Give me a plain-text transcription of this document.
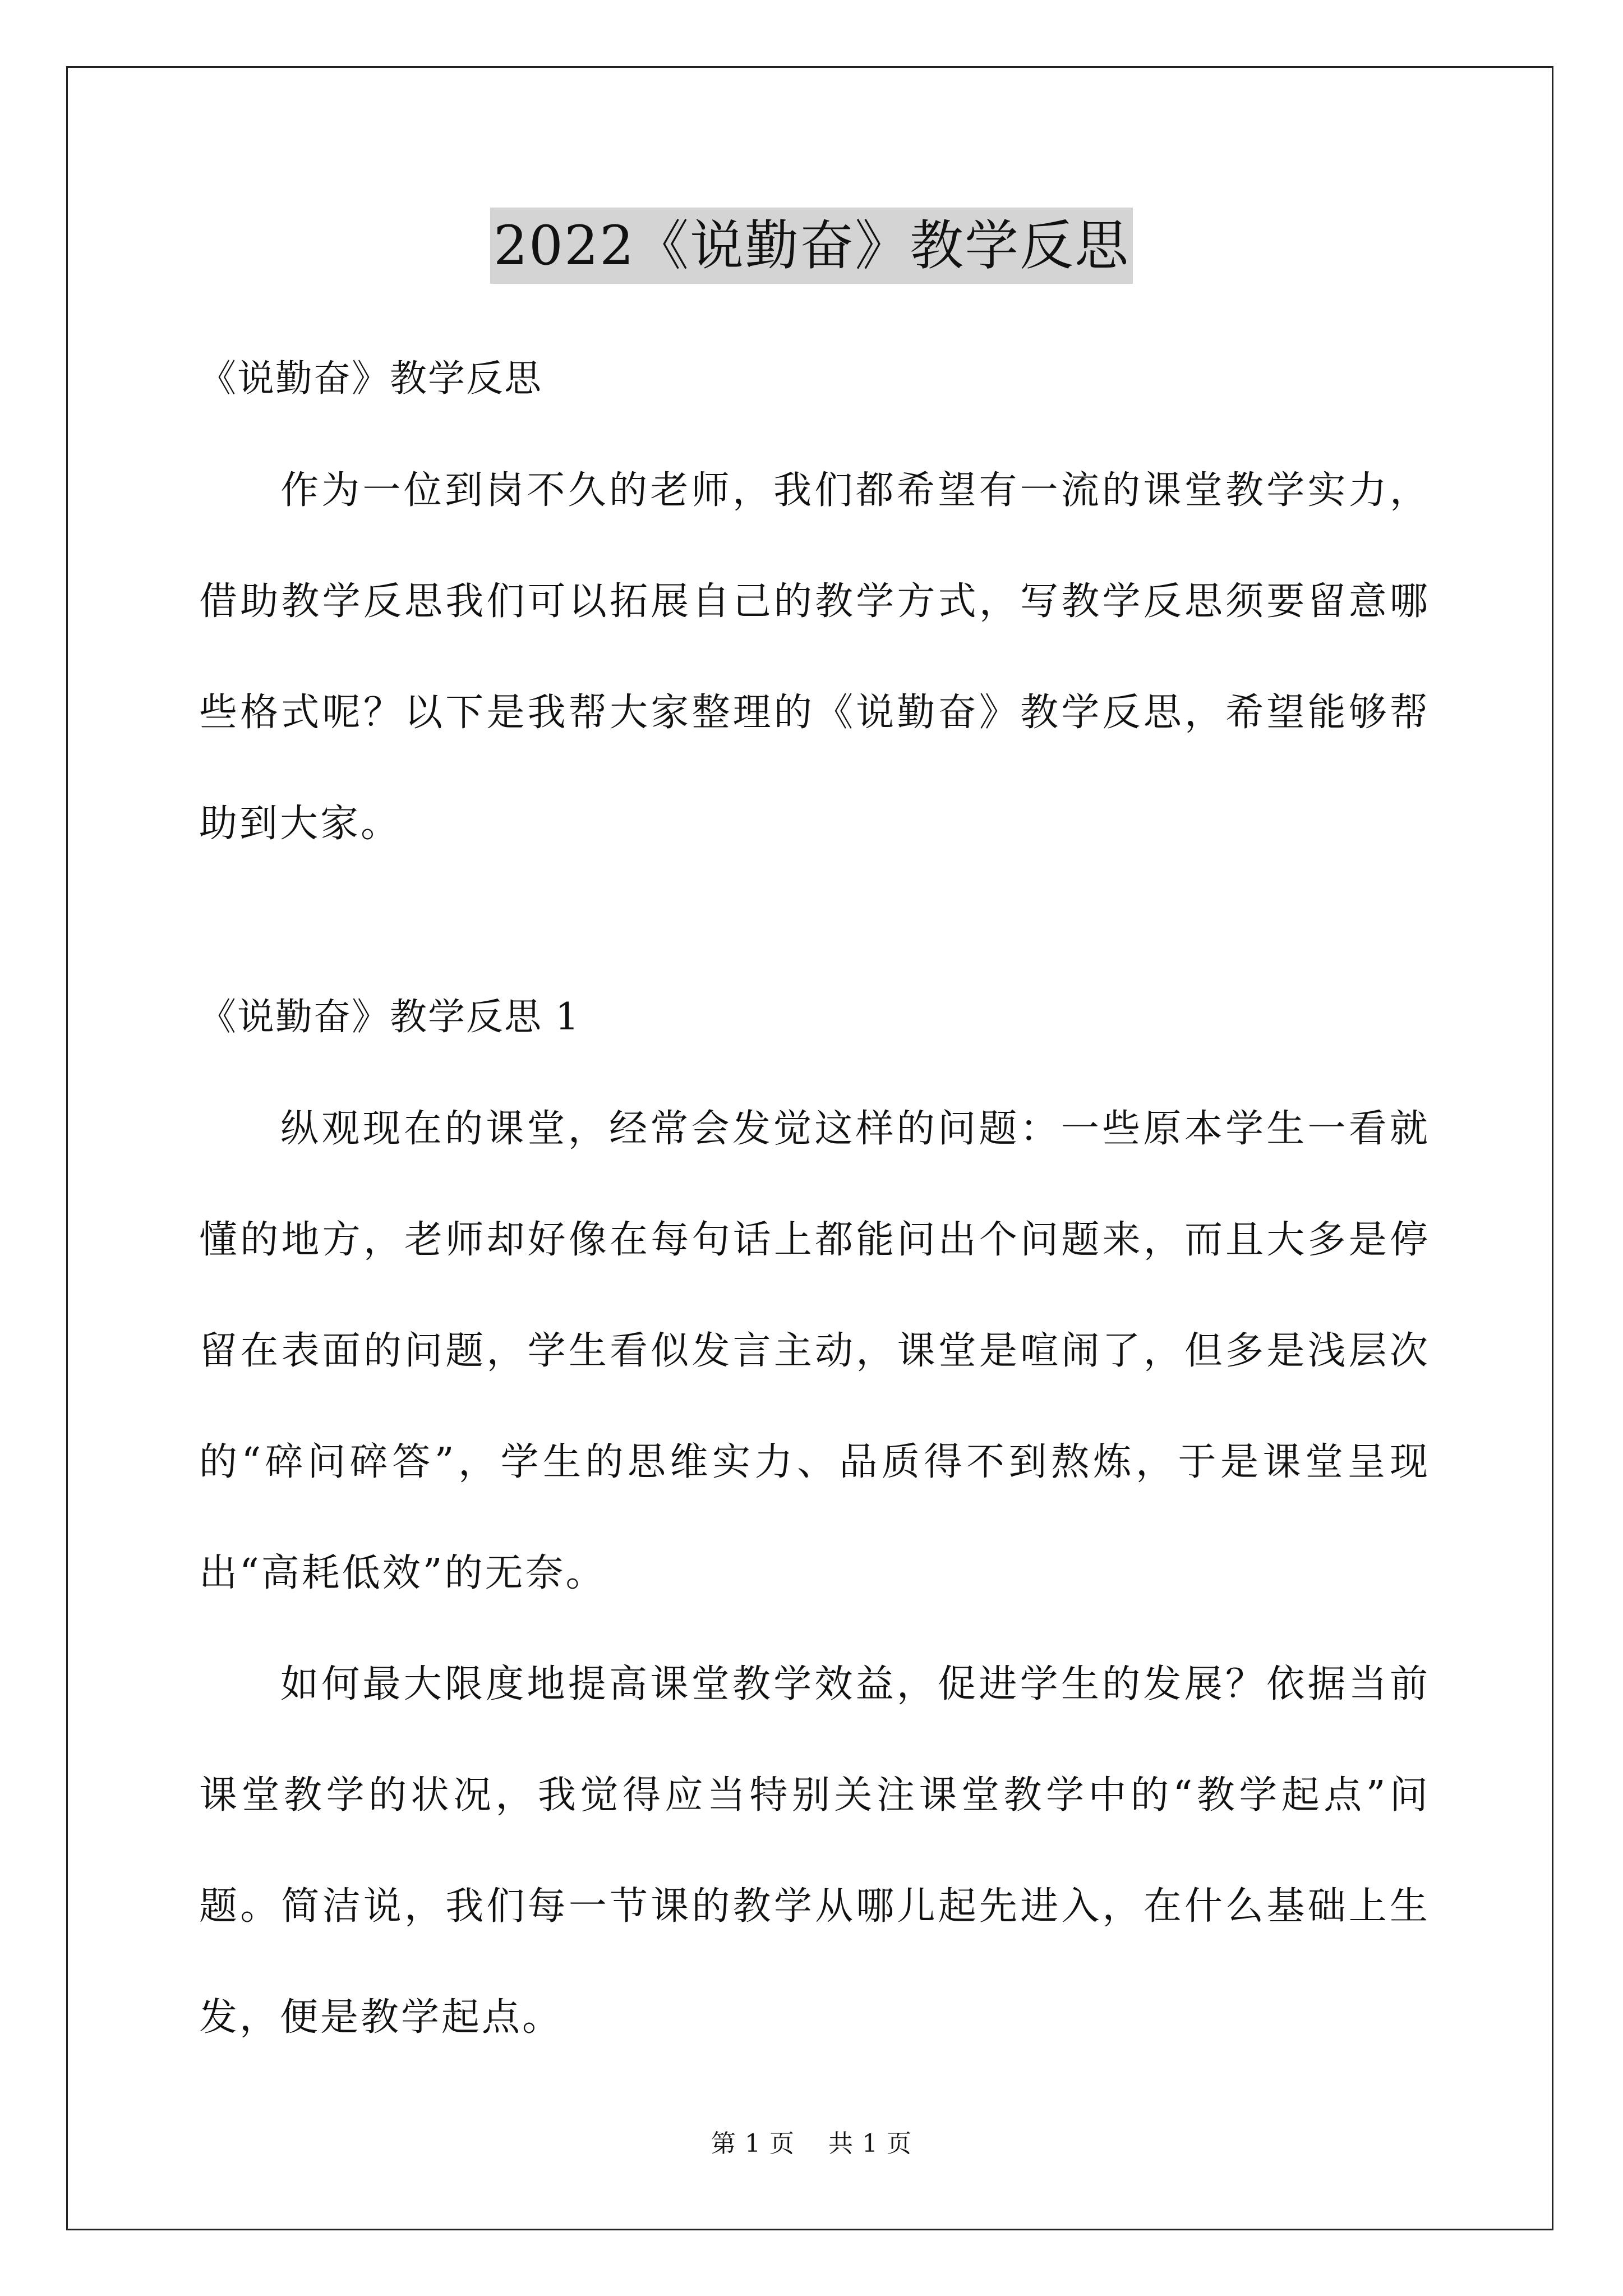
2022《说勤奋》教学反思
《说勤奋》教学反思

作为一位到岗不久的老师，我们都希望有一流的课堂教学实力，借助教学反思我们可以拓展自己的教学方式，写教学反思须要留意哪些格式呢？以下是我帮大家整理的《说勤奋》教学反思，希望能够帮助到大家。

《说勤奋》教学反思 1

纵观现在的课堂，经常会发觉这样的问题：一些原本学生一看就懂的地方，老师却好像在每句话上都能问出个问题来，而且大多是停留在表面的问题，学生看似发言主动，课堂是喧闹了，但多是浅层次的“碎问碎答”，学生的思维实力、品质得不到熬炼，于是课堂呈现出“高耗低效”的无奈。

如何最大限度地提高课堂教学效益，促进学生的发展？依据当前课堂教学的状况，我觉得应当特别关注课堂教学中的“教学起点”问题。简洁说，我们每一节课的教学从哪儿起先进入，在什么基础上生发，便是教学起点。

第 1 页 共 1 页
